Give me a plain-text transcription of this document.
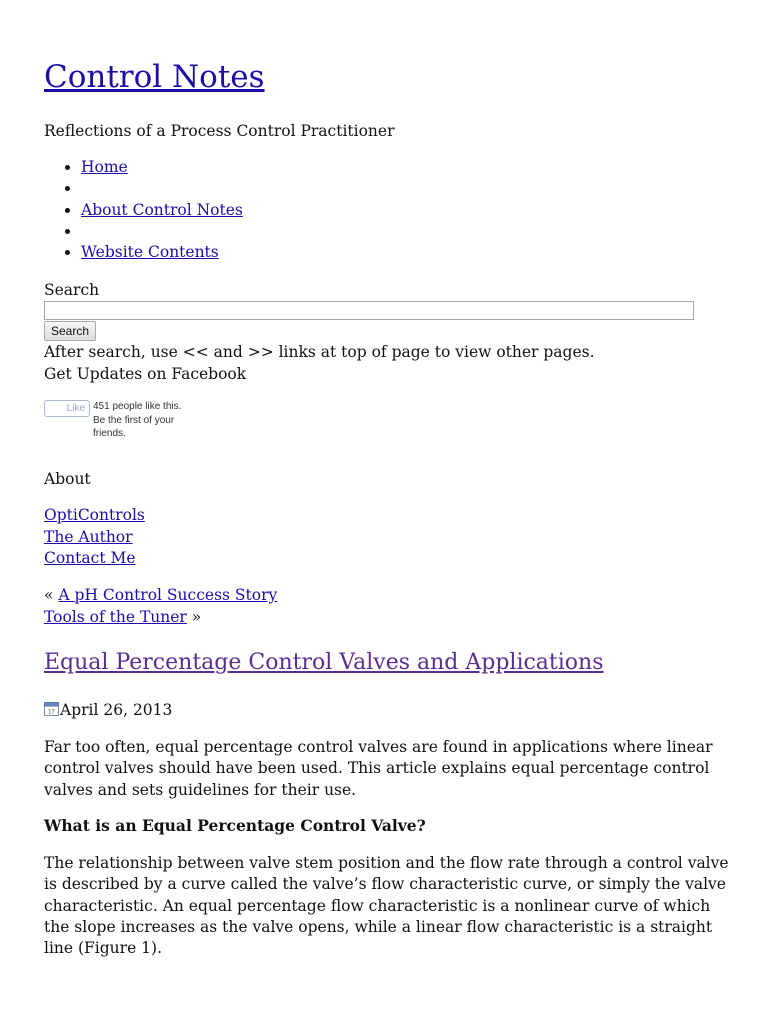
Control Notes

Reflections of a Process Control Practitioner

• Home
•
• About Control Notes
•
• Website Contents
Search
Search
After search, use << and >> links at top of page to view other pages.
Get Updates on Facebook
Like 451 people like this. Be the first of your friends.
About
OptiControls
The Author
Contact Me
« A pH Control Success Story
Tools of the Tuner »
Equal Percentage Control Valves and Applications
17 April 26, 2013

Far too often, equal percentage control valves are found in applications where linear control valves should have been used. This article explains equal percentage control valves and sets guidelines for their use.

What is an Equal Percentage Control Valve?

The relationship between valve stem position and the flow rate through a control valve is described by a curve called the valve’s flow characteristic curve, or simply the valve characteristic. An equal percentage flow characteristic is a nonlinear curve of which the slope increases as the valve opens, while a linear flow characteristic is a straight line (Figure 1).
